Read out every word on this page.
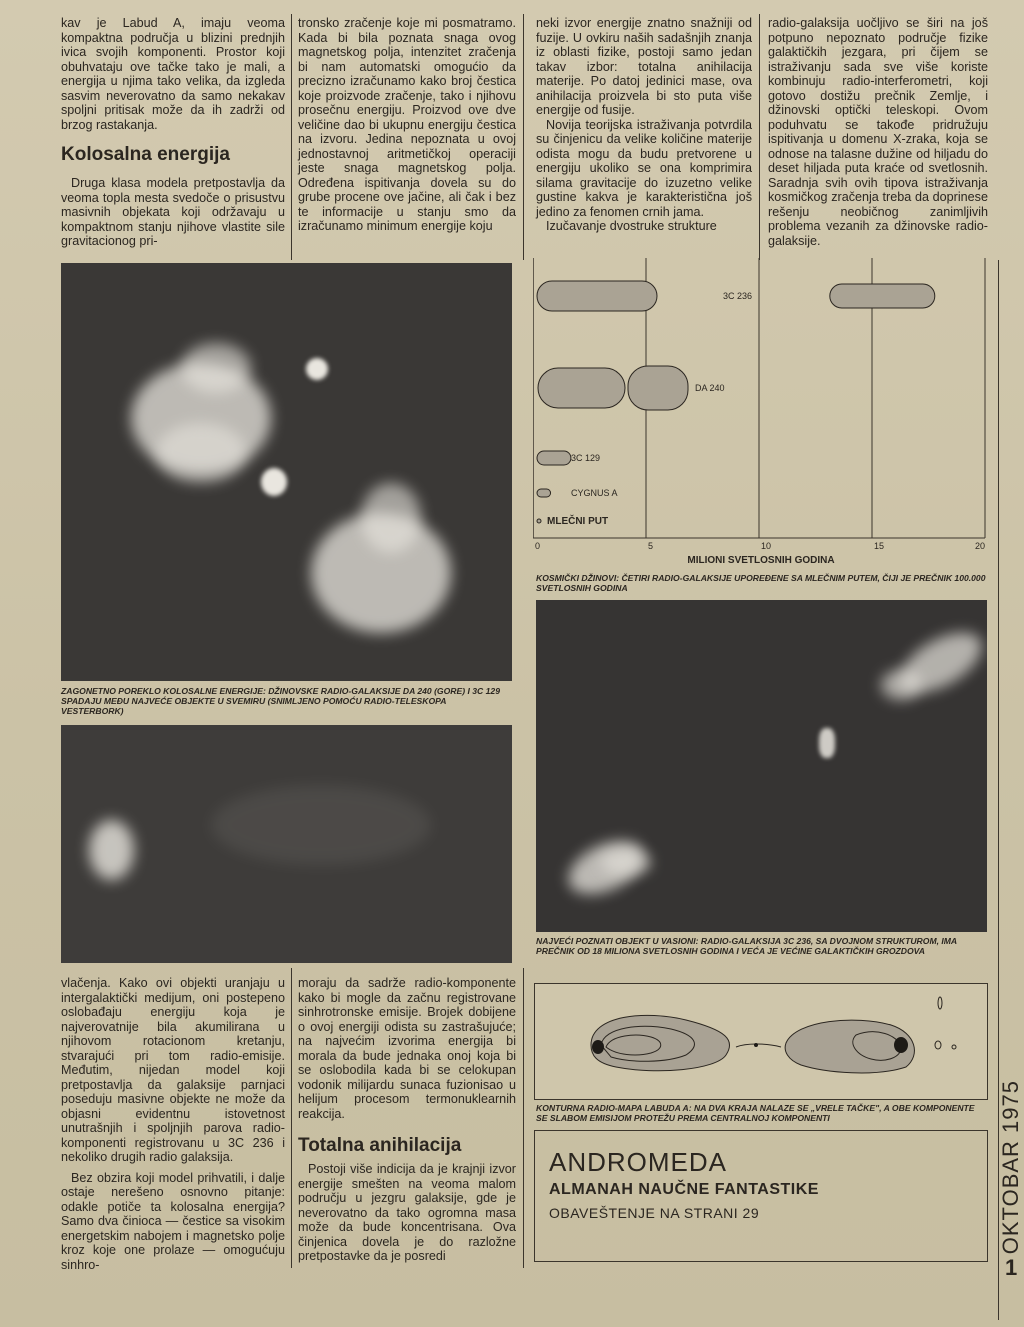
kav je Labud A, imaju veoma kompaktna područja u blizini prednjih ivica svojih komponenti. Prostor koji obuhvataju ove tačke tako je mali, a energija u njima tako velika, da izgleda sasvim neverovatno da samo nekakav spoljni pritisak može da ih zadrži od brzog rastakanja.

Kolosalna energija

Druga klasa modela pretpostavlja da veoma topla mesta svedoče o prisustvu masivnih objekata koji održavaju u kompaktnom stanju njihove vlastite sile gravitacionog pri-

tronsko zračenje koje mi posmatramo. Kada bi bila poznata snaga ovog magnetskog polja, intenzitet zračenja bi nam automatski omogućio da precizno izračunamo kako broj čestica koje proizvode zračenje, tako i njihovu prosečnu energiju. Proizvod ove dve veličine dao bi ukupnu energiju čestica na izvoru. Jedina nepoznata u ovoj jednostavnoj aritmetičkoj operaciji jeste snaga magnetskog polja. Određena ispitivanja dovela su do grube procene ove jačine, ali čak i bez te informacije u stanju smo da izračunamo minimum energije koju

neki izvor energije znatno snažniji od fuzije. U ovkiru naših sadašnjih znanja iz oblasti fizike, postoji samo jedan takav izbor: totalna anihilacija materije. Po datoj jedinici mase, ova anihilacija proizvela bi sto puta više energije od fusije.

Novija teorijska istraživanja potvrdila su činjenicu da velike količine materije odista mogu da budu pretvorene u energiju ukoliko se ona komprimira silama gravitacije do izuzetno velike gustine kakva je karakteristična još jedino za fenomen crnih jama.

Izučavanje dvostruke strukture

radio-galaksija uočljivo se širi na još potpuno nepoznato područje fizike galaktičkih jezgara, pri čijem se istraživanju sada sve više koriste kombinuju radio-interferometri, koji gotovo dostižu prečnik Zemlje, i džinovski optički teleskopi. Ovom poduhvatu se takođe pridružuju ispitivanja u domenu X-zraka, koja se odnose na talasne dužine od hiljadu do deset hiljada puta kraće od svetlosnih. Saradnja svih ovih tipova istraživanja kosmičkog zračenja treba da doprinese rešenju neobičnog zanimljivih problema vezanih za džinovske radio-galaksije.

0	5	10	15	20
3C 236
DA 240
3C 129
CYGNUS A
MLEČNI PUT
MILIONI SVETLOSNIH GODINA
KOSMIČKI DŽINOVI: ČETIRI RADIO-GALAKSIJE UPOREĐENE SA MLEČNIM PUTEM, ČIJI JE PREČNIK 100.000 SVETLOSNIH GODINA
NAJVEĆI POZNATI OBJEKT U VASIONI: RADIO-GALAKSIJA 3C 236, SA DVOJNOM STRUKTUROM, IMA PREČNIK OD 18 MILIONA SVETLOSNIH GODINA I VEĆA JE VEĆINE GALAKTIČKIH GROZDOVA
ZAGONETNO POREKLO KOLOSALNE ENERGIJE: DŽINOVSKE RADIO-GALAKSIJE DA 240 (GORE) I 3C 129 SPADAJU MEĐU NAJVEĆE OBJEKTE U SVEMIRU (SNIMLJENO POMOĆU RADIO-TELESKOPA VESTERBORK)
KONTURNA RADIO-MAPA LABUDA A: NA DVA KRAJA NALAZE SE „VRELE TAČKE", A OBE KOMPONENTE SE SLABOM EMISIJOM PROTEŽU PREMA CENTRALNOJ KOMPONENTI

vlačenja. Kako ovi objekti uranjaju u intergalaktički medijum, oni postepeno oslobađaju energiju koja je najverovatnije bila akumilirana u njihovom rotacionom kretanju, stvarajući pri tom radio-emisije. Međutim, nijedan model koji pretpostavlja da galaksije parnjaci poseduju masivne objekte ne može da objasni evidentnu istovetnost unutrašnjih i spoljnjih parova radio-komponenti registrovanu u 3C 236 i nekoliko drugih radio galaksija.

Bez obzira koji model prihvatili, i dalje ostaje nerešeno osnovno pitanje: odakle potiče ta kolosalna energija? Samo dva činioca — čestice sa visokim energetskim nabojem i magnetsko polje kroz koje one prolaze — omogućuju sinhro-

moraju da sadrže radio-komponente kako bi mogle da začnu registrovane sinhrotronske emisije. Brojek dobijene o ovoj energiji odista su zastrašujuće; na najvećim izvorima energija bi morala da bude jednaka onoj koja bi se oslobodila kada bi se celokupan vodonik milijardu sunaca fuzionisao u helijum procesom termonuklearnih reakcija.

Totalna anihilacija

Postoji više indicija da je krajnji izvor energije smešten na veoma malom području u jezgru galaksije, gde je neverovatno da tako ogromna masa može da bude koncentrisana. Ova činjenica dovela je do razložne pretpostavke da je posredi

ANDROMEDA
ALMANAH NAUČNE FANTASTIKE
OBAVEŠTENJE NA STRANI 29	OKTOBAR 1975
1
